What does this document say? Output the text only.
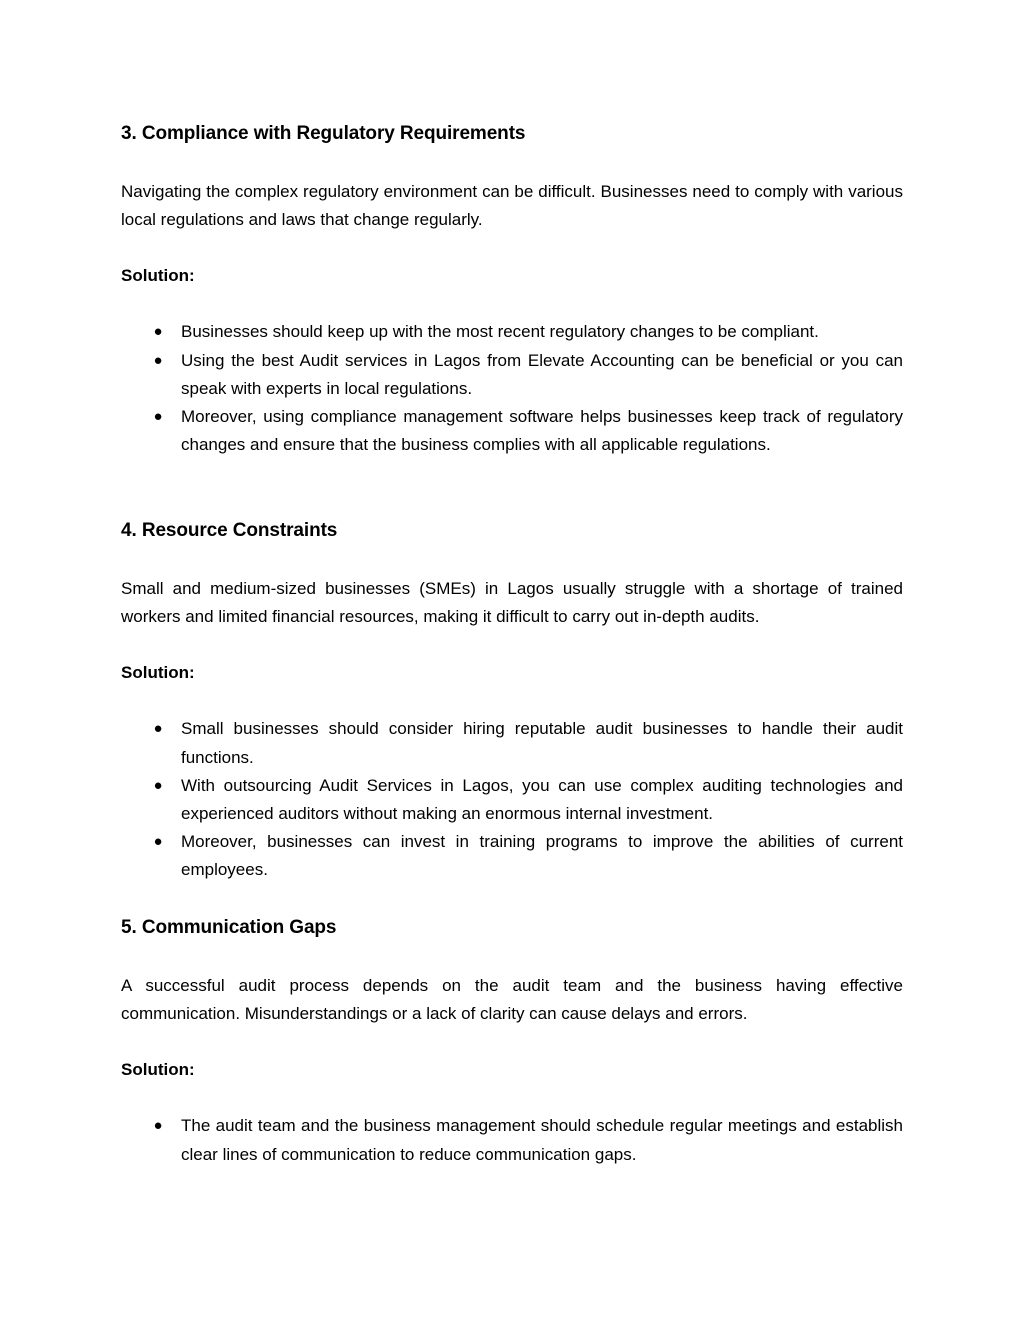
3. Compliance with Regulatory Requirements

Navigating the complex regulatory environment can be difficult. Businesses need to comply with various local regulations and laws that change regularly.

Solution:

● Businesses should keep up with the most recent regulatory changes to be compliant.
● Using the best Audit services in Lagos from Elevate Accounting can be beneficial or you can speak with experts in local regulations.
● Moreover, using compliance management software helps businesses keep track of regulatory changes and ensure that the business complies with all applicable regulations.
4. Resource Constraints

Small and medium-sized businesses (SMEs) in Lagos usually struggle with a shortage of trained workers and limited financial resources, making it difficult to carry out in-depth audits.

Solution:

● Small businesses should consider hiring reputable audit businesses to handle their audit functions.
● With outsourcing Audit Services in Lagos, you can use complex auditing technologies and experienced auditors without making an enormous internal investment.
● Moreover, businesses can invest in training programs to improve the abilities of current employees.
5. Communication Gaps

A successful audit process depends on the audit team and the business having effective communication. Misunderstandings or a lack of clarity can cause delays and errors.

Solution:

● The audit team and the business management should schedule regular meetings and establish clear lines of communication to reduce communication gaps.
